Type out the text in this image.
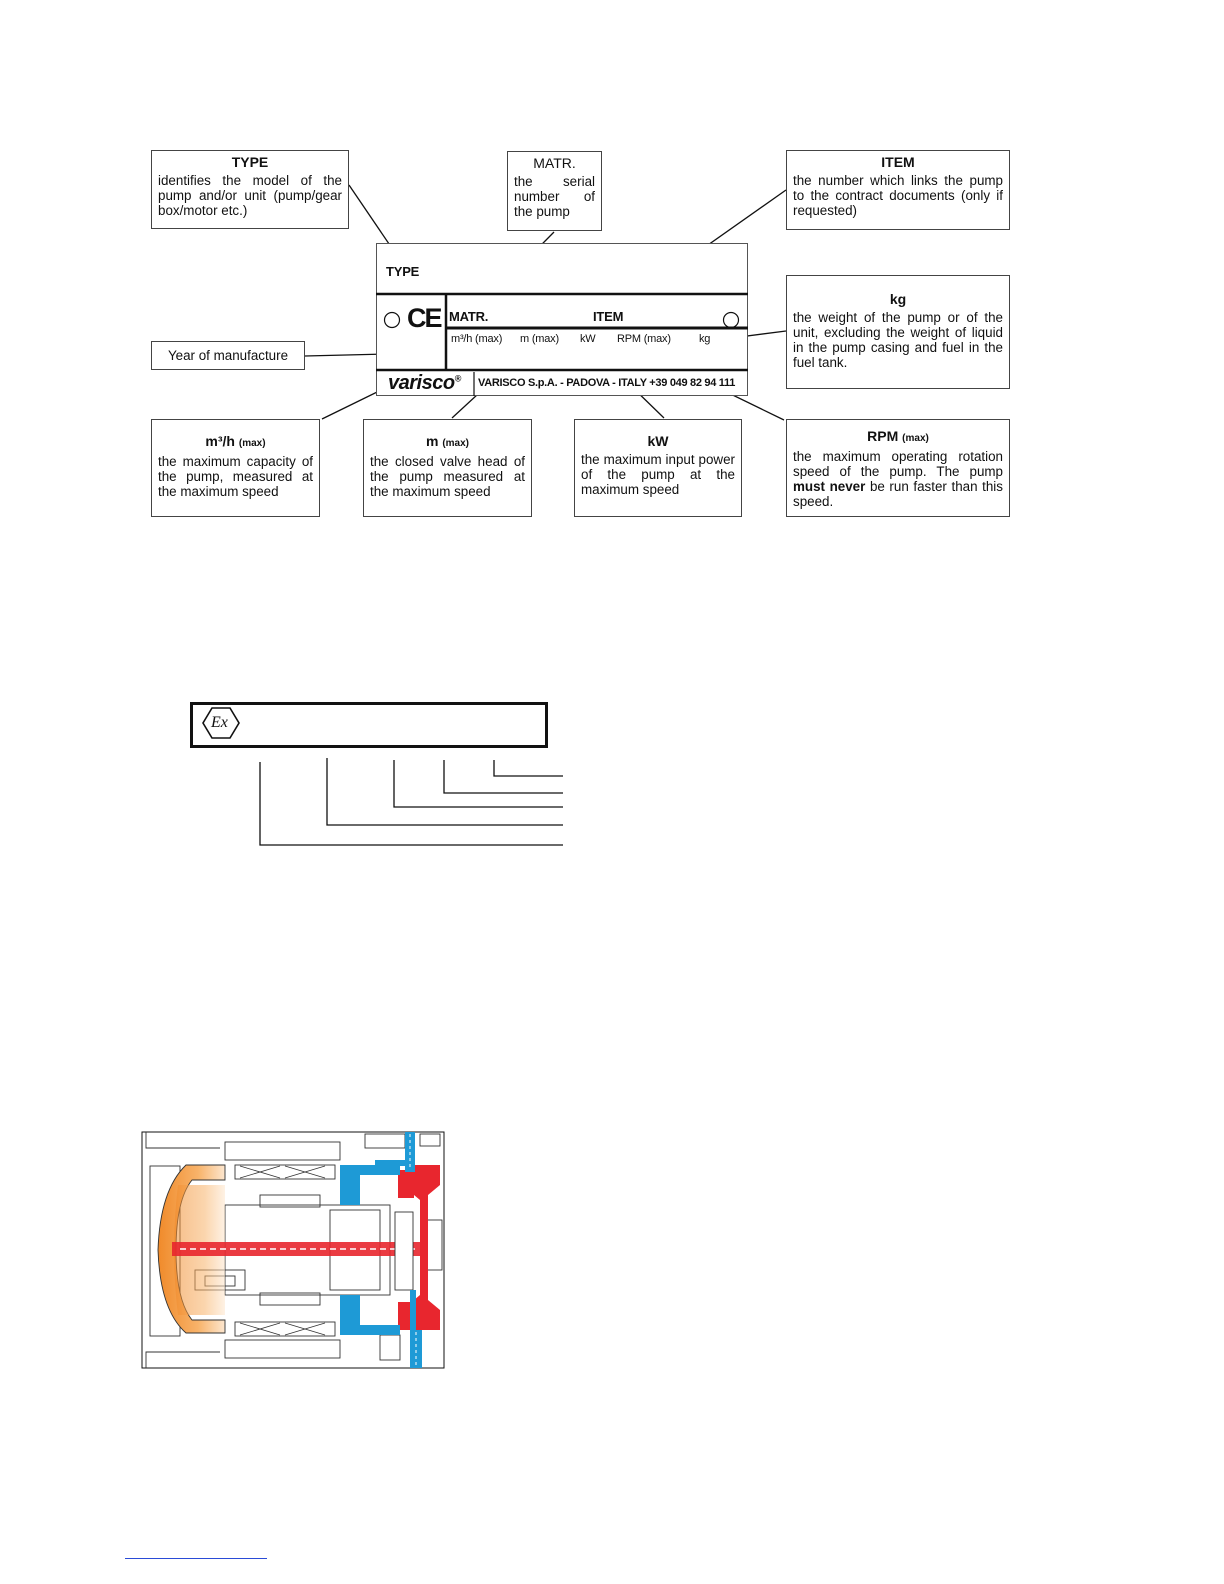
TYPE
CE MATR.	ITEM
m³/h (max) m (max) kW RPM (max)	kg
varisco® VARISCO S.p.A. - PADOVA - ITALY +39 049 82 94 111
TYPE
identifies the model of the pump and/or unit (pump/gear box/motor etc.)
MATR.
the serial number of the pump
ITEM
the number which links the pump to the contract documents (only if requested)
kg
the weight of the pump or of the unit, excluding the weight of liquid in the pump casing and fuel in the fuel tank.
Year of manufacture
m³/h (max)
the maximum capacity of the pump, measured at the maximum speed
m (max)
the closed valve head of the pump measured at the maximum speed
kW
the maximum input power of the pump at the maximum speed
RPM (max)
the maximum operating rotation speed of the pump. The pump must never be run faster than this speed.
Ex
